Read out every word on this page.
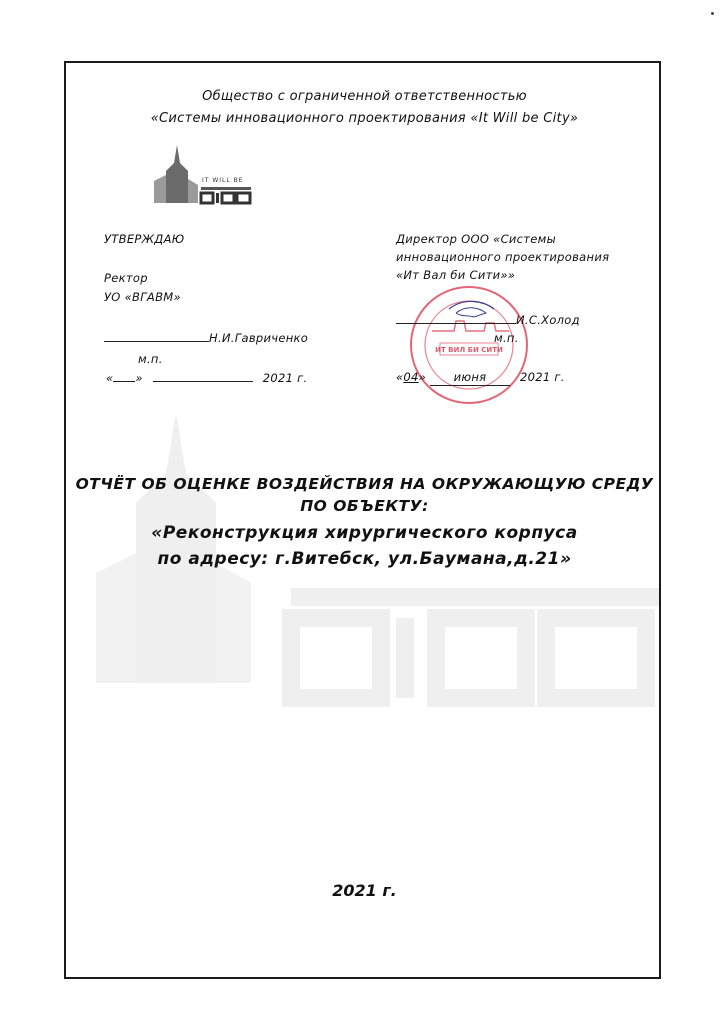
Общество с ограниченной ответственностью
«Системы инновационного проектирования «It Will be City»
IT WILL BE
УТВЕРЖДАЮ
Ректор
УО «ВГАВМ»
Н.И.Гавриченко
м.п.
« »	2021 г.
Директор ООО «Системы
инновационного проектирования
«Ит Вал би Сити»»
ИТ ВИЛ БИ СИТИ
И.С.Холод
м.п.
«04» июня	2021 г.
ОТЧЁТ ОБ ОЦЕНКЕ ВОЗДЕЙСТВИЯ НА ОКРУЖАЮЩУЮ СРЕДУ
ПО ОБЪЕКТУ:
«Реконструкция хирургического корпуса
по адресу: г.Витебск, ул.Баумана,д.21»
2021 г.
